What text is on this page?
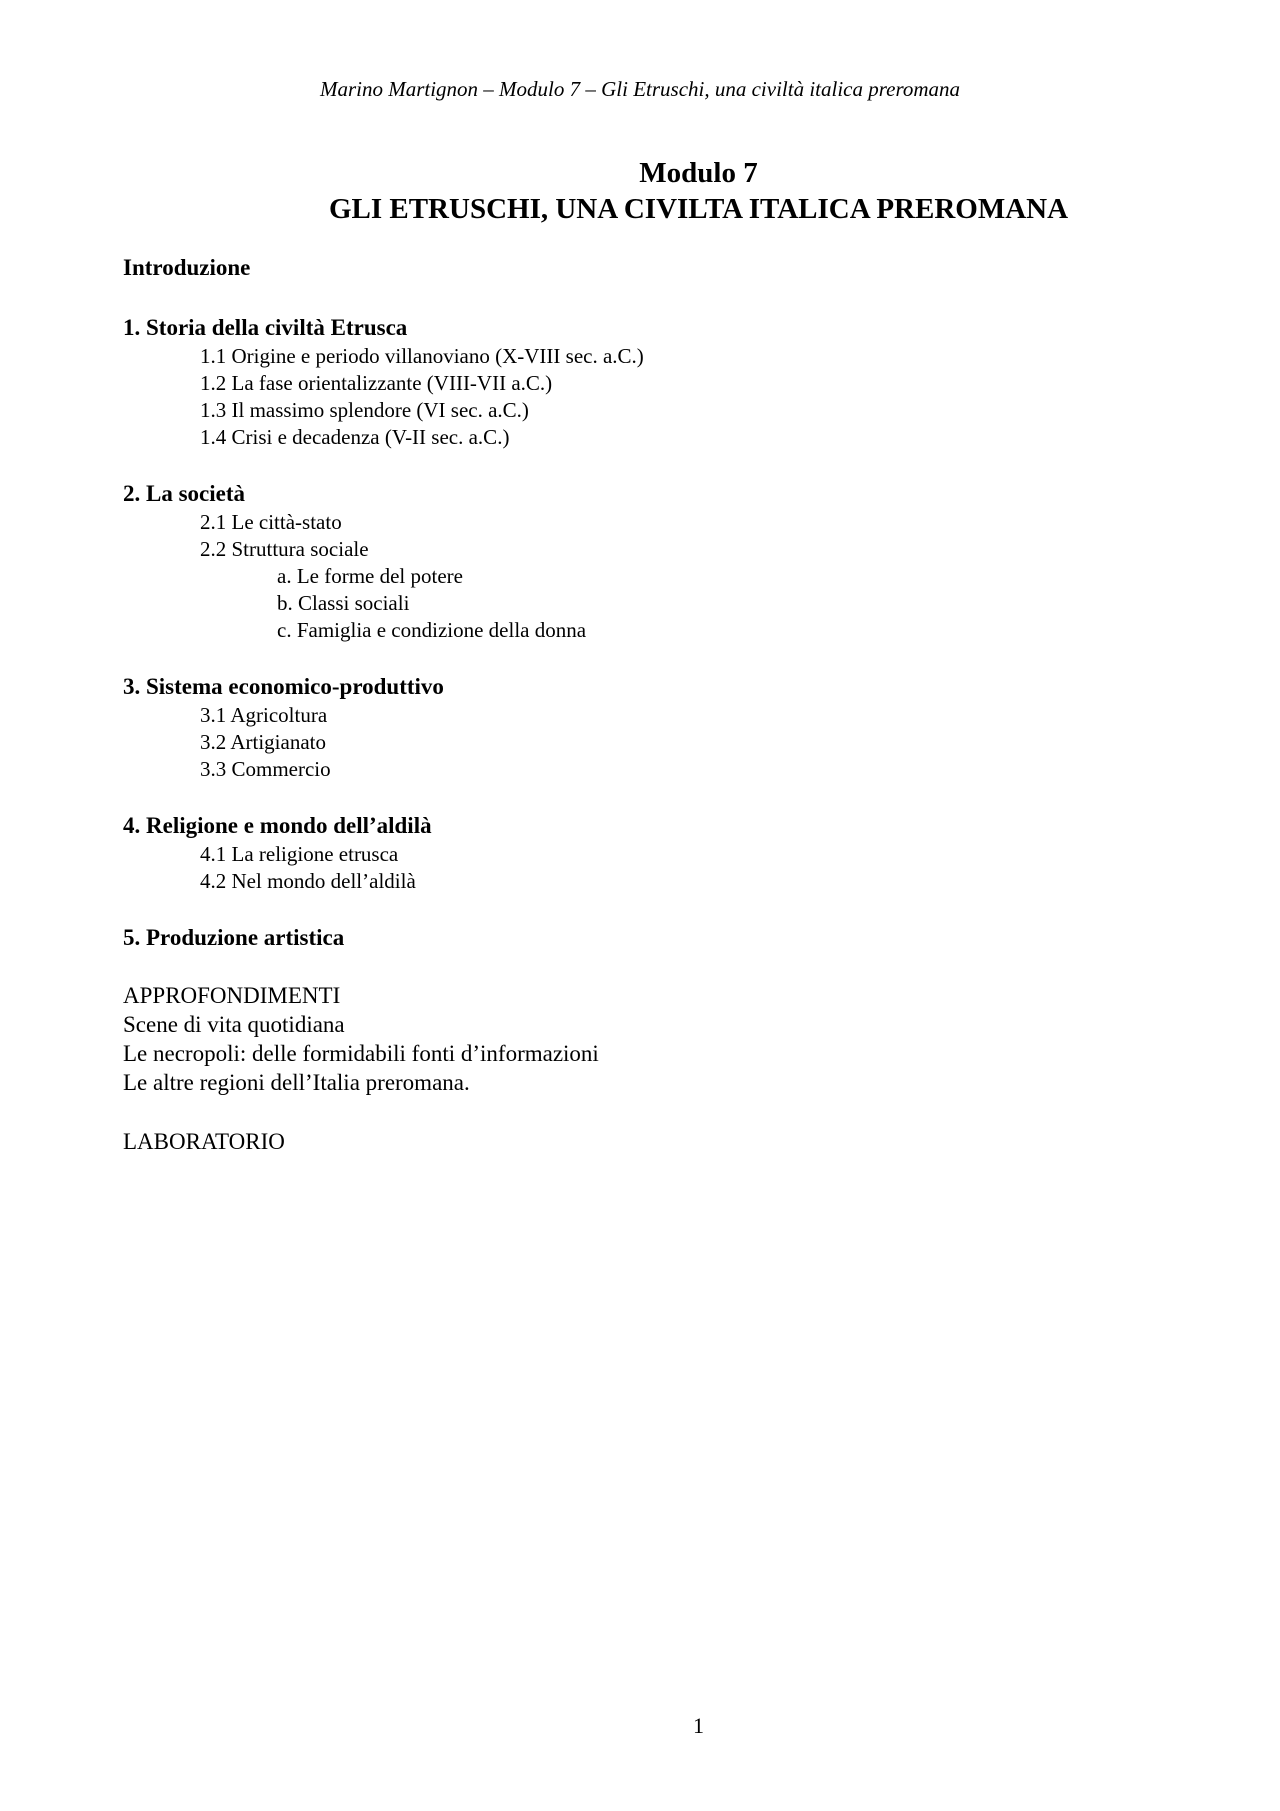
Marino Martignon – Modulo 7 – Gli Etruschi, una civiltà italica preromana
Modulo 7
GLI ETRUSCHI, UNA CIVILTA ITALICA PREROMANA
Introduzione
1. Storia della civiltà Etrusca
1.1 Origine e periodo villanoviano (X-VIII sec. a.C.)
1.2 La fase orientalizzante (VIII-VII a.C.)
1.3 Il massimo splendore (VI sec. a.C.)
1.4 Crisi e decadenza (V-II sec. a.C.)
2. La società
2.1 Le città-stato
2.2 Struttura sociale
a. Le forme del potere
b. Classi sociali
c. Famiglia e condizione della donna
3. Sistema economico-produttivo
3.1 Agricoltura
3.2 Artigianato
3.3 Commercio
4. Religione e mondo dell’aldilà
4.1 La religione etrusca
4.2 Nel mondo dell’aldilà
5. Produzione artistica
APPROFONDIMENTI
Scene di vita quotidiana
Le necropoli: delle formidabili fonti d’informazioni
Le altre regioni dell’Italia preromana.
LABORATORIO
1
